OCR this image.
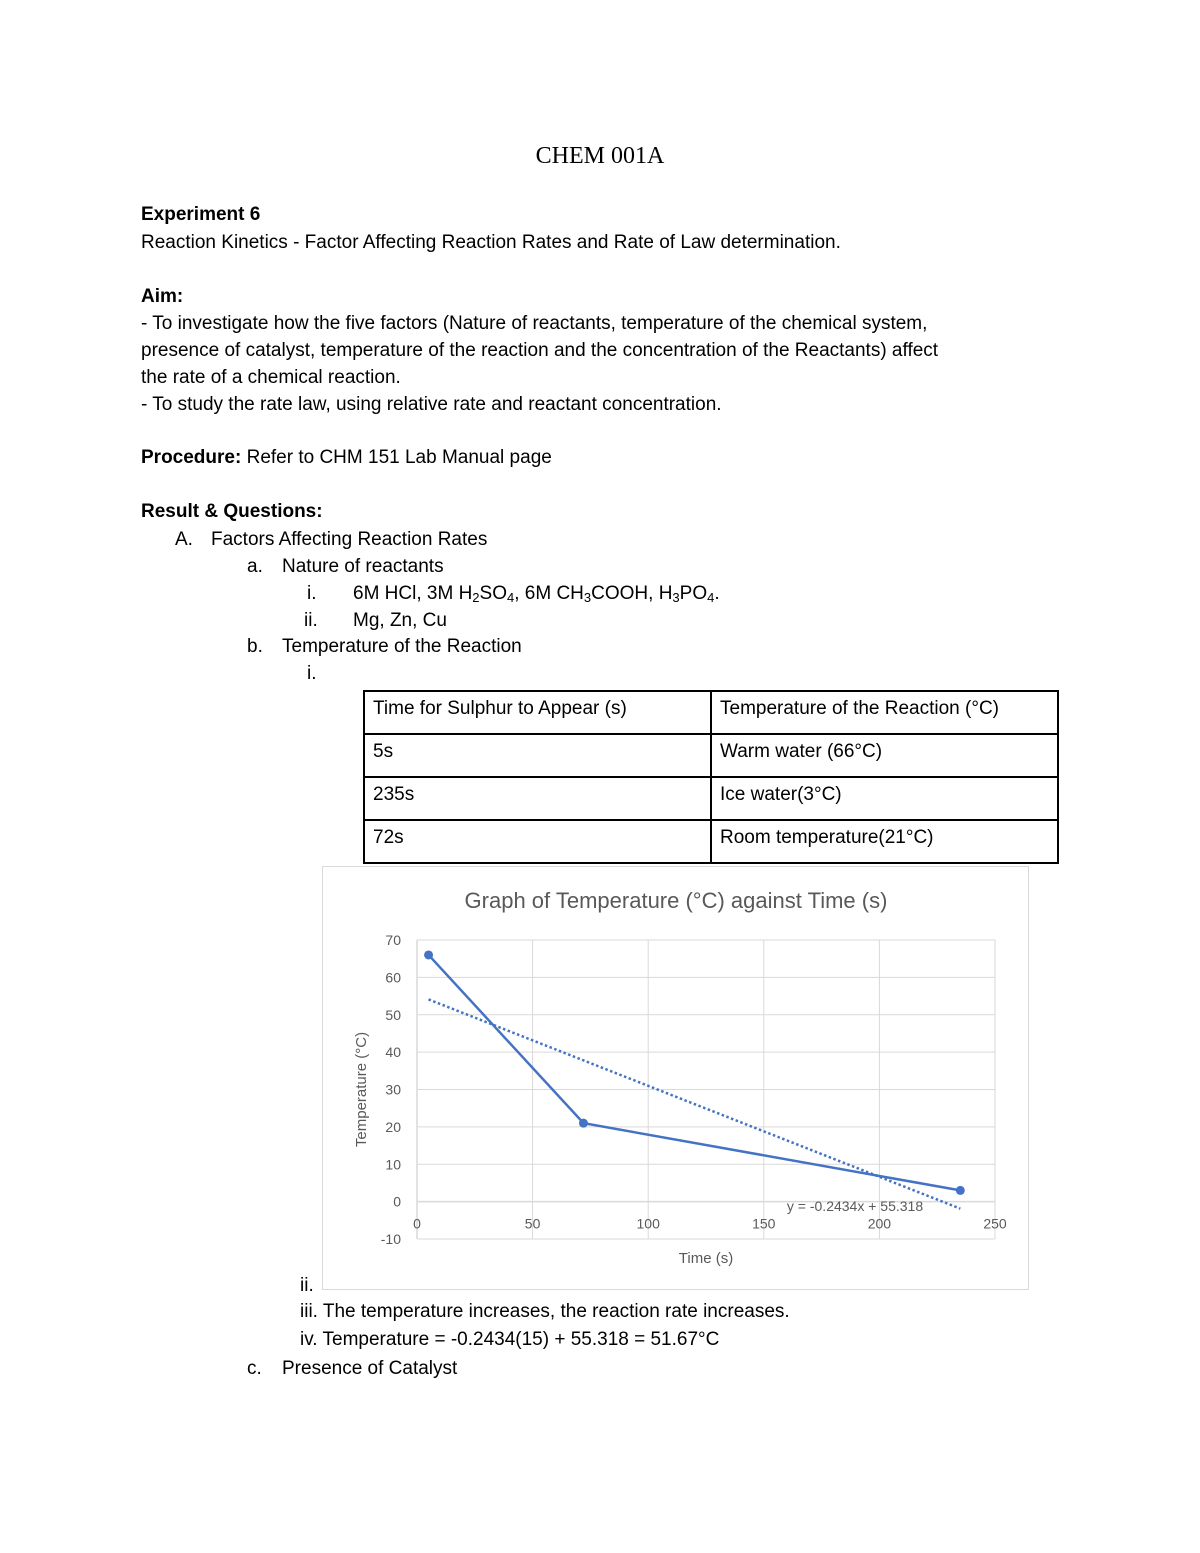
CHEM 001A
Experiment 6
Reaction Kinetics - Factor Affecting Reaction Rates and Rate of Law determination.
Aim:
- To investigate how the five factors (Nature of reactants, temperature of the chemical system,
presence of catalyst, temperature of the reaction and the concentration of the Reactants) affect
the rate of a chemical reaction.
- To study the rate law, using relative rate and reactant concentration.
Procedure: Refer to CHM 151 Lab Manual page
Result & Questions:
A. Factors Affecting Reaction Rates
a. Nature of reactants
i. 6M HCl, 3M $H_2SO_4$, 6M $CH_3COOH$, $H_3PO_4$.
ii. Mg, Zn, Cu
b. Temperature of the Reaction
i.
Time for Sulphur to Appear (s)	Temperature of the Reaction (°C)
5s	Warm water (66°C)
235s	Ice water(3°C)
72s	Room temperature(21°C)
Graph of Temperature (°C) against Time (s)
-10
0
10
20
30
40
50
60
70
0	50	100	150	200	250
Time (s)
Temperature (°C)
y = -0.2434x + 55.318
ii.
iii. The temperature increases, the reaction rate increases.
iv. Temperature = -0.2434(15) + 55.318 = 51.67°C
c. Presence of Catalyst
